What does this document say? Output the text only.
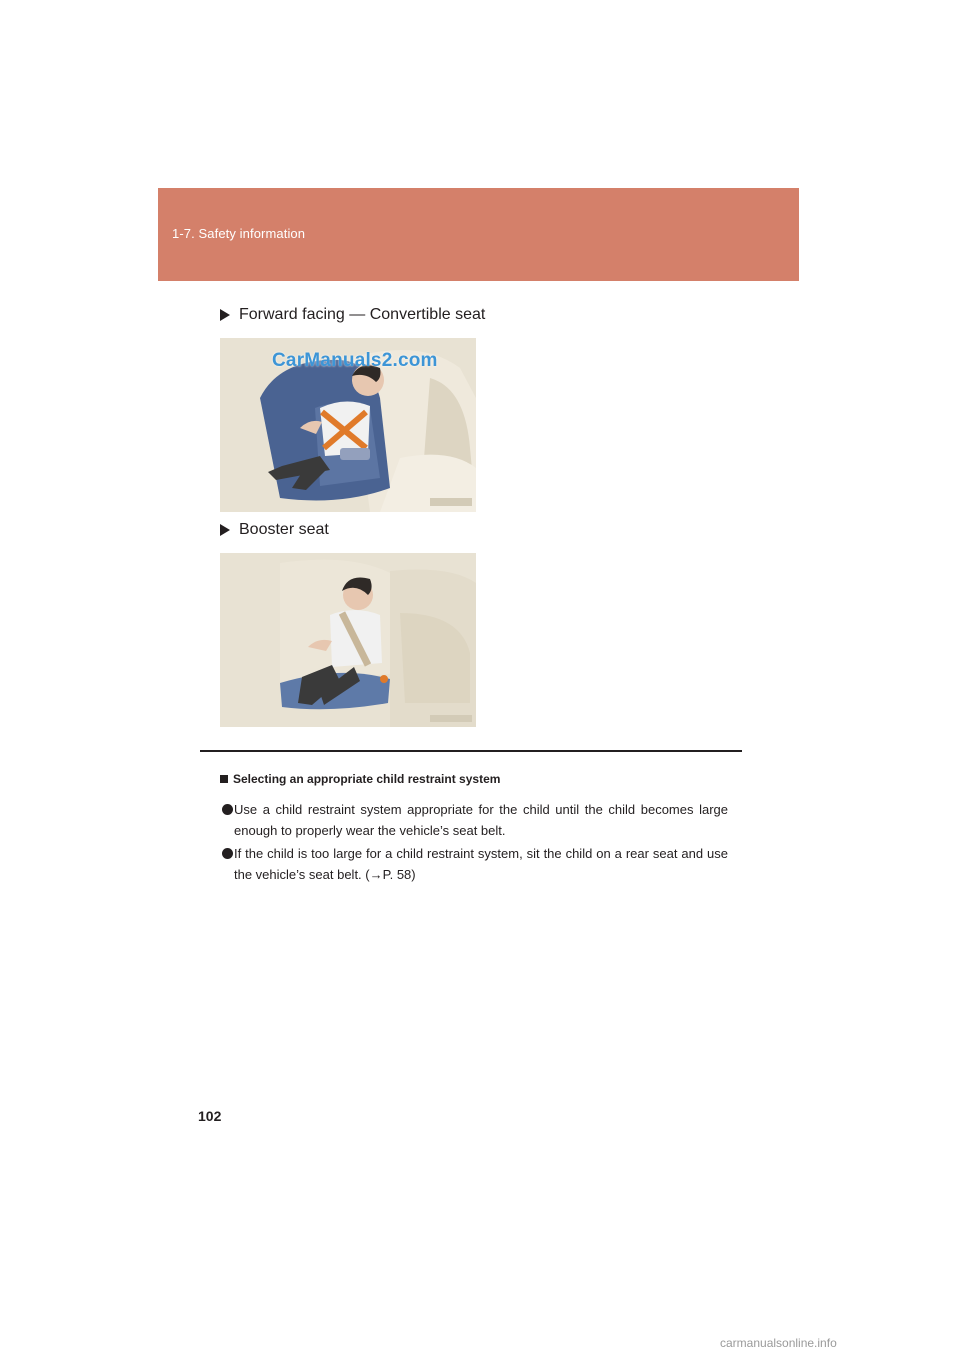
1-7. Safety information
Forward facing — Convertible seat
CarManuals2.com
Booster seat
Selecting an appropriate child restraint system
Use a child restraint system appropriate for the child until the child becomes large enough to properly wear the vehicle’s seat belt.
If the child is too large for a child restraint system, sit the child on a rear seat and use the vehicle’s seat belt. (→P. 58)
102
carmanualsonline.info
